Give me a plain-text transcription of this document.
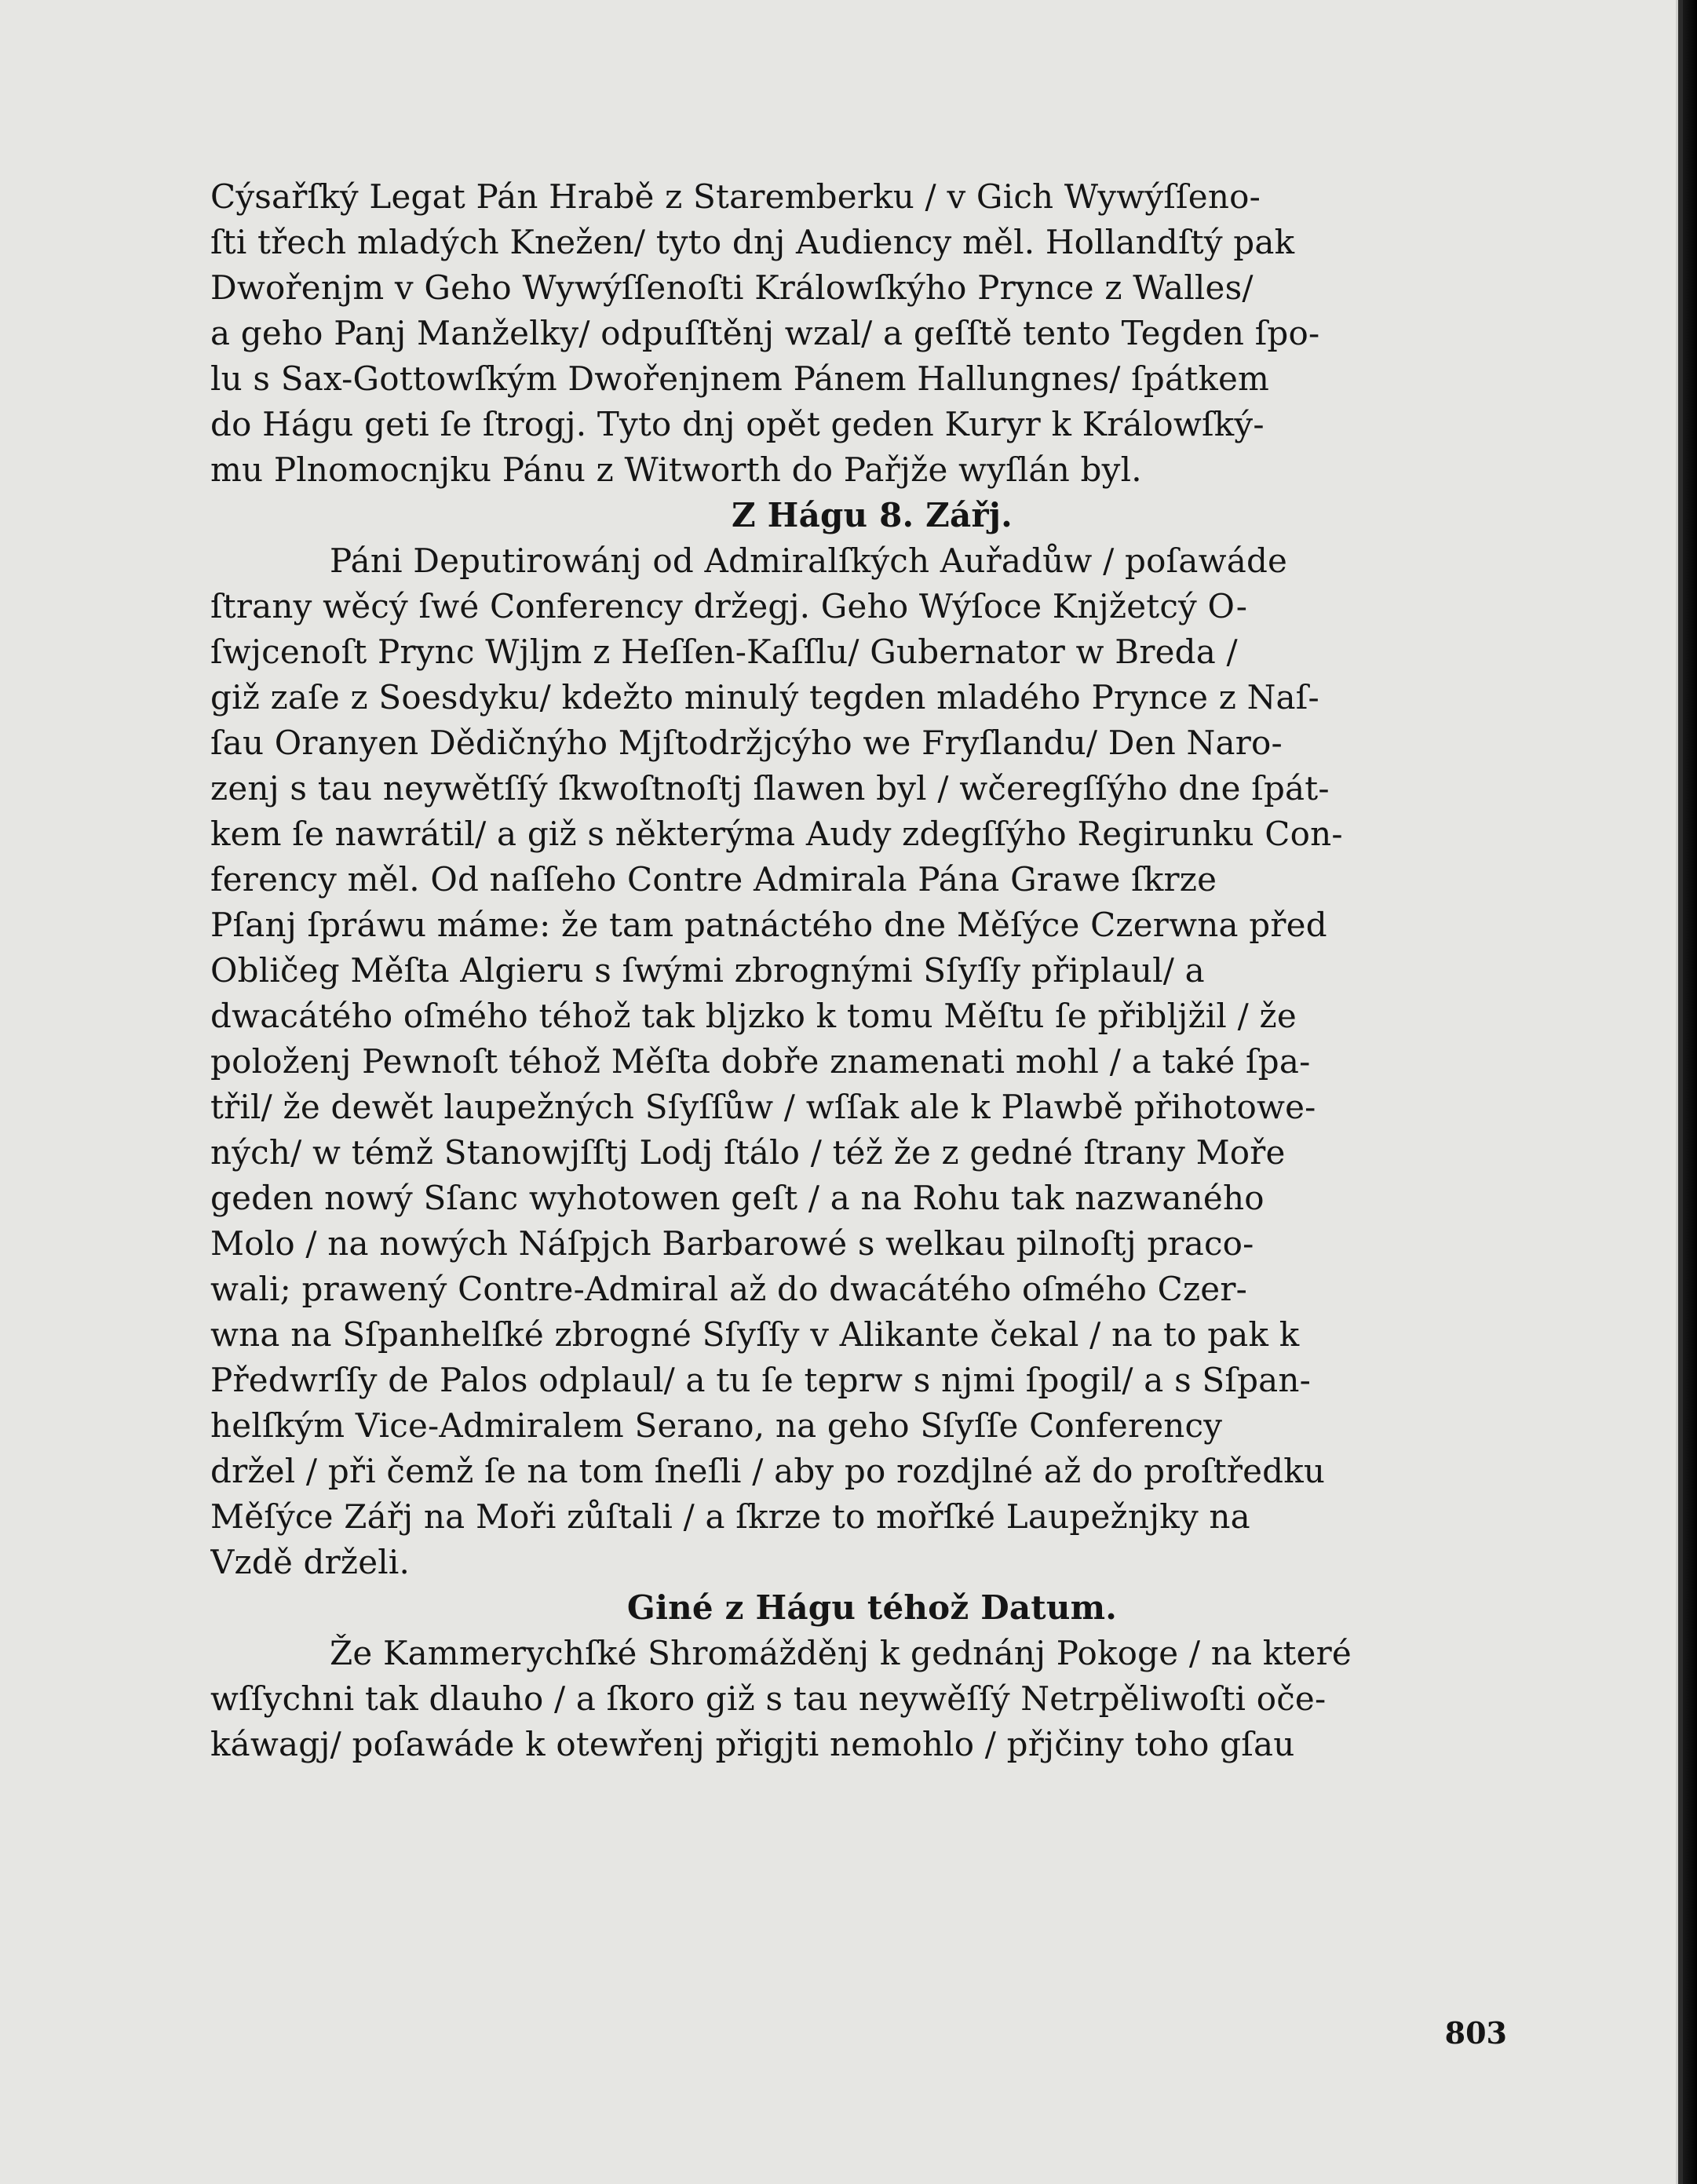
Cýsařſký Legat Pán Hrabě z Staremberku / v Gich Wywýſſeno-
ſti třech mladých Knežen/ tyto dnj Audiency měl. Hollandſtý pak
Dwořenjm v Geho Wywýſſenoſti Králowſkýho Prynce z Walles/
a geho Panj Manželky/ odpuſſtěnj wzal/ a geſſtě tento Tegden ſpo-
lu s Sax-Gottowſkým Dwořenjnem Pánem Hallungnes/ ſpátkem
do Hágu geti ſe ſtrogj. Tyto dnj opět geden Kuryr k Králowſký-
mu Plnomocnjku Pánu z Witworth do Pařjže wyſlán byl.
Z Hágu 8. Zářj.
Páni Deputirowánj od Admiralſkých Auřadůw / poſawáde
ſtrany wěcý ſwé Conferency držegj. Geho Wýſoce Knjžetcý O-
ſwjcenoſt Prync Wjljm z Heſſen-Kaſſlu/ Gubernator w Breda /
giž zaſe z Soesdyku/ kdežto minulý tegden mladého Prynce z Naſ-
ſau Oranyen Dědičnýho Mjſtodržjcýho we Fryſlandu/ Den Naro-
zenj s tau neywětſſý ſkwoſtnoſtj ſlawen byl / wčeregſſýho dne ſpát-
kem ſe nawrátil/ a giž s některýma Audy zdegſſýho Regirunku Con-
ferency měl. Od naſſeho Contre Admirala Pána Grawe ſkrze
Pſanj ſpráwu máme: že tam patnáctého dne Měſýce Czerwna před
Obličeg Měſta Algieru s ſwými zbrognými Sſyſſy připlaul/ a
dwacátého oſmého téhož tak bljzko k tomu Měſtu ſe přiblјžil / že
položenj Pewnoſt téhož Měſta dobře znamenati mohl / a také ſpa-
třil/ že dewět laupežných Sſyſſůw / wſſak ale k Plawbě přihotowe-
ných/ w témž Stanowjſſtj Lodj ſtálo / též že z gedné ſtrany Moře
geden nowý Sſanc wyhotowen geſt / a na Rohu tak nazwaného
Molo / na nowých Náſpjch Barbarowé s welkau pilnoſtj praco-
wali; prawený Contre-Admiral až do dwacátého oſmého Czer-
wna na Sſpanhelſké zbrogné Sſyſſy v Alikante čekal / na to pak k
Předwrſſy de Palos odplaul/ a tu ſe teprw s njmi ſpogil/ a s Sſpan-
helſkým Vice-Admiralem Serano, na geho Sſyſſe Conferency
držel / při čemž ſe na tom ſneſli / aby po rozdjlné až do proſtředku
Měſýce Zářj na Moři zůſtali / a ſkrze to mořſké Laupežnjky na
Vzdě drželi.
Giné z Hágu téhož Datum.
Že Kammerychſké Shromážděnj k gednánj Pokoge / na které
wſſychni tak dlauho / a ſkoro giž s tau neywěſſý Netrpělіwoſti oče-
káwagj/ poſawáde k otewřenj přigjti nemohlo / přjčiny toho gſau
803
